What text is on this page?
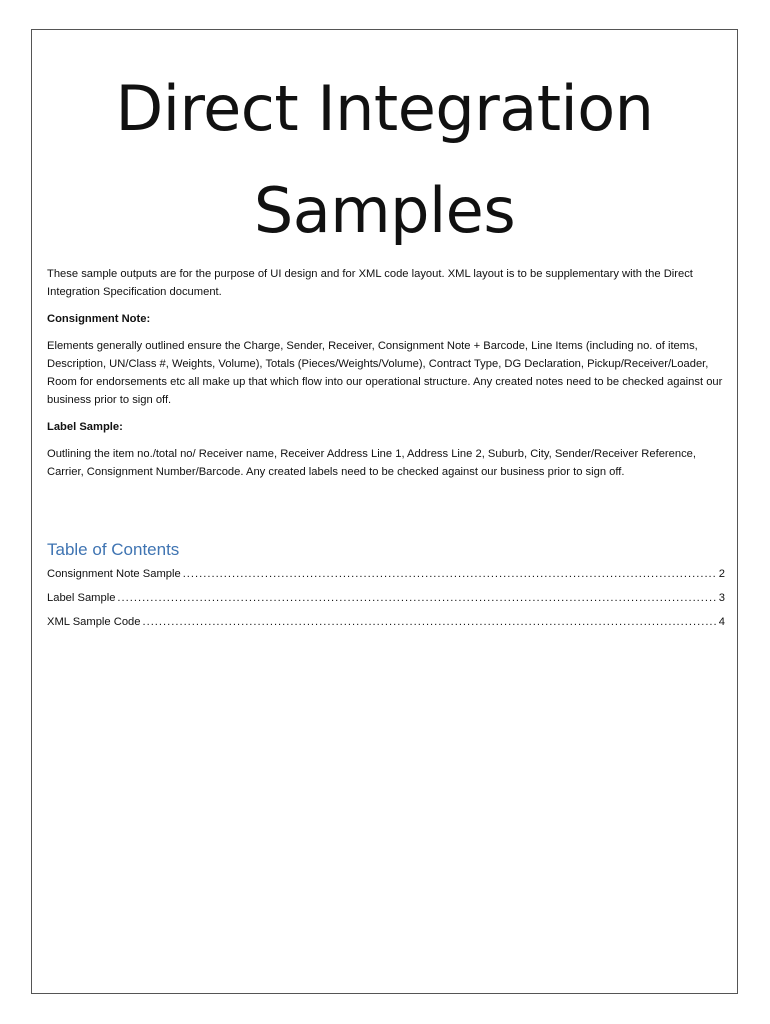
Direct Integration
Samples

These sample outputs are for the purpose of UI design and for XML code layout. XML layout is to be supplementary with the Direct Integration Specification document.

Consignment Note:

Elements generally outlined ensure the Charge, Sender, Receiver, Consignment Note + Barcode, Line Items (including no. of items, Description, UN/Class #, Weights, Volume), Totals (Pieces/Weights/Volume), Contract Type, DG Declaration, Pickup/Receiver/Loader, Room for endorsements etc all make up that which flow into our operational structure. Any created notes need to be checked against our business prior to sign off.

Label Sample:

Outlining the item no./total no/ Receiver name, Receiver Address Line 1, Address Line 2, Suburb, City, Sender/Receiver Reference, Carrier, Consignment Number/Barcode. Any created labels need to be checked against our business prior to sign off.

Table of Contents
Consignment Note Sample .....	2
Label Sample .....	3
XML Sample Code .....	4
